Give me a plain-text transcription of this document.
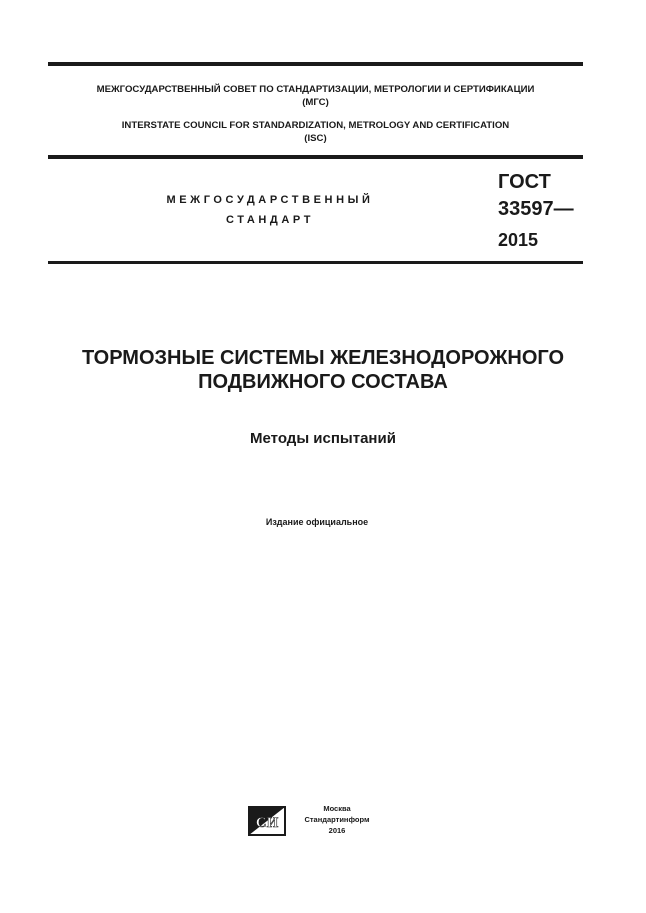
МЕЖГОСУДАРСТВЕННЫЙ СОВЕТ ПО СТАНДАРТИЗАЦИИ, МЕТРОЛОГИИ И СЕРТИФИКАЦИИ
(МГС)
INTERSTATE COUNCIL FOR STANDARDIZATION, METROLOGY AND CERTIFICATION
(ISC)
МЕЖГОСУДАРСТВЕННЫЙ
СТАНДАРТ
ГОСТ
33597—
2015
ТОРМОЗНЫЕ СИСТЕМЫ ЖЕЛЕЗНОДОРОЖНОГО
ПОДВИЖНОГО СОСТАВА
Методы испытаний
Издание официальное
СИ
Москва
Стандартинформ
2016
